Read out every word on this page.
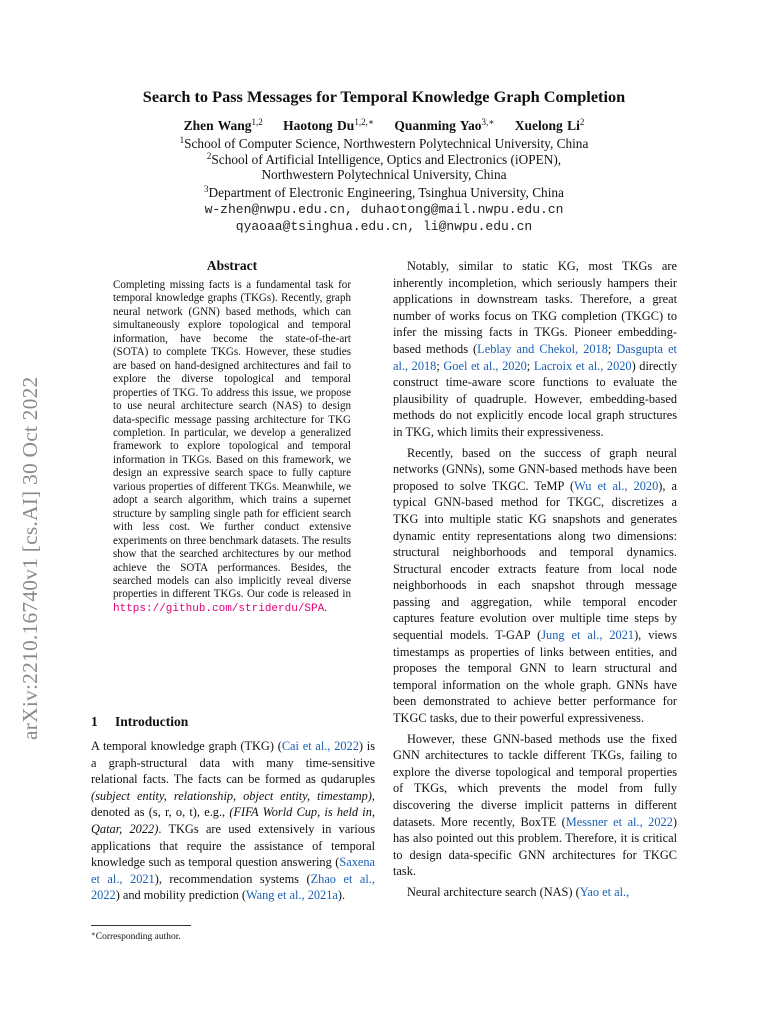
arXiv:2210.16740v1 [cs.AI] 30 Oct 2022
Search to Pass Messages for Temporal Knowledge Graph Completion
Zhen Wang$^{1,2}$ Haotong $Du^{1,2,∗}$ Quanming Yao$^{3,∗}$ Xuelong Li$^2$
$^1$School of Computer Science, Northwestern Polytechnical University, China
$^2$School of Artificial Intelligence, Optics and Electronics (iOPEN),
Northwestern Polytechnical University, China
$^3$Department of Electronic Engineering, Tsinghua University, China
w-zhen@nwpu.edu.cn, duhaotong@mail.nwpu.edu.cn
qyaoaa@tsinghua.edu.cn, li@nwpu.edu.cn
Abstract
Completing missing facts is a fundamental task for temporal knowledge graphs (TKGs). Recently, graph neural network (GNN) based methods, which can simultaneously explore topological and temporal information, have become the state-of-the-art (SOTA) to complete TKGs. However, these studies are based on hand-designed architectures and fail to explore the diverse topological and temporal properties of TKG. To address this issue, we propose to use neural architecture search (NAS) to design data-specific message passing architecture for TKG completion. In particular, we develop a generalized framework to explore topological and temporal information in TKGs. Based on this framework, we design an expressive search space to fully capture various properties of different TKGs. Meanwhile, we adopt a search algorithm, which trains a supernet structure by sampling single path for efficient search with less cost. We further conduct extensive experiments on three benchmark datasets. The results show that the searched architectures by our method achieve the SOTA performances. Besides, the searched models can also implicitly reveal diverse properties in different TKGs. Our code is released in https://github.com/striderdu/SPA.
1 Introduction
A temporal knowledge graph (TKG) (Cai et al., 2022) is a graph-structural data with many time-sensitive relational facts. The facts can be formed as qudaruples (subject entity, relationship, object entity, timestamp), denoted as (s, r, o, t), e.g., (FIFA World Cup, is held in, Qatar, 2022). TKGs are used extensively in various applications that require the assistance of temporal knowledge such as temporal question answering (Saxena et al., 2021), recommendation systems (Zhao et al., 2022) and mobility prediction (Wang et al., 2021a).
∗Corresponding author.

Notably, similar to static KG, most TKGs are inherently incompletion, which seriously hampers their applications in downstream tasks. Therefore, a great number of works focus on TKG completion (TKGC) to infer the missing facts in TKGs. Pioneer embedding-based methods (Leblay and Chekol, 2018; Dasgupta et al., 2018; Goel et al., 2020; Lacroix et al., 2020) directly construct time-aware score functions to evaluate the plausibility of quadruple. However, embedding-based methods do not explicitly encode local graph structures in TKG, which limits their expressiveness.

Recently, based on the success of graph neural networks (GNNs), some GNN-based methods have been proposed to solve TKGC. TeMP (Wu et al., 2020), a typical GNN-based method for TKGC, discretizes a TKG into multiple static KG snapshots and generates dynamic entity representations along two dimensions: structural neighborhoods and temporal dynamics. Structural encoder extracts feature from local node neighborhoods in each snapshot through message passing and aggregation, while temporal encoder captures feature evolution over multiple time steps by sequential models. T-GAP (Jung et al., 2021), views timestamps as properties of links between entities, and proposes the temporal GNN to learn structural and temporal information on the whole graph. GNNs have been demonstrated to achieve better performance for TKGC tasks, due to their powerful expressiveness.

However, these GNN-based methods use the fixed GNN architectures to tackle different TKGs, failing to explore the diverse topological and temporal properties of TKGs, which prevents the model from fully discovering the diverse implicit patterns in different datasets. More recently, BoxTE (Messner et al., 2022) has also pointed out this problem. Therefore, it is critical to design data-specific GNN architectures for TKGC task.

Neural architecture search (NAS) (Yao et al.,
